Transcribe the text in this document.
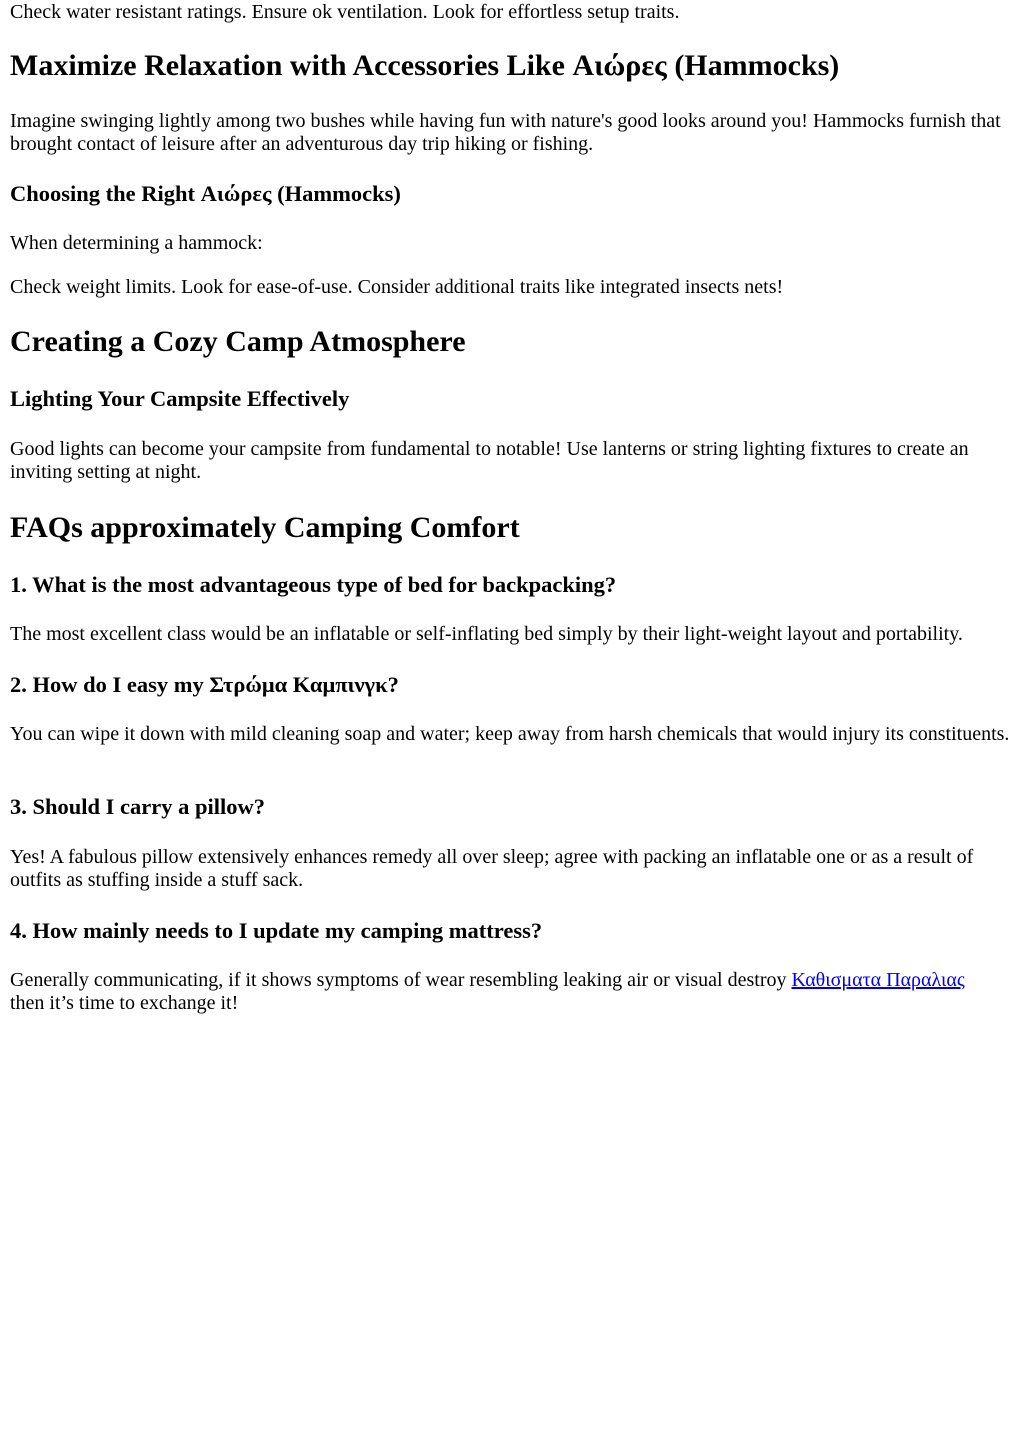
Check water resistant ratings. Ensure ok ventilation. Look for effortless setup traits.

Maximize Relaxation with Accessories Like Αιώρες (Hammocks)

Imagine swinging lightly among two bushes while having fun with nature's good looks around you! Hammocks furnish that brought contact of leisure after an adventurous day trip hiking or fishing.

Choosing the Right Αιώρες (Hammocks)

When determining a hammock:

Check weight limits. Look for ease-of-use. Consider additional traits like integrated insects nets!

Creating a Cozy Camp Atmosphere
Lighting Your Campsite Effectively

Good lights can become your campsite from fundamental to notable! Use lanterns or string lighting fixtures to create an inviting setting at night.

FAQs approximately Camping Comfort
1. What is the most advantageous type of bed for backpacking?

The most excellent class would be an inflatable or self-inflating bed simply by their light-weight layout and portability.

2. How do I easy my Στρώμα Καμπινγκ?

You can wipe it down with mild cleaning soap and water; keep away from harsh chemicals that would injury its constituents.

3. Should I carry a pillow?

Yes! A fabulous pillow extensively enhances remedy all over sleep; agree with packing an inflatable one or as a result of outfits as stuffing inside a stuff sack.

4. How mainly needs to I update my camping mattress?

Generally communicating, if it shows symptoms of wear resembling leaking air or visual destroy Καθισματα Παραλιας
then it’s time to exchange it!
